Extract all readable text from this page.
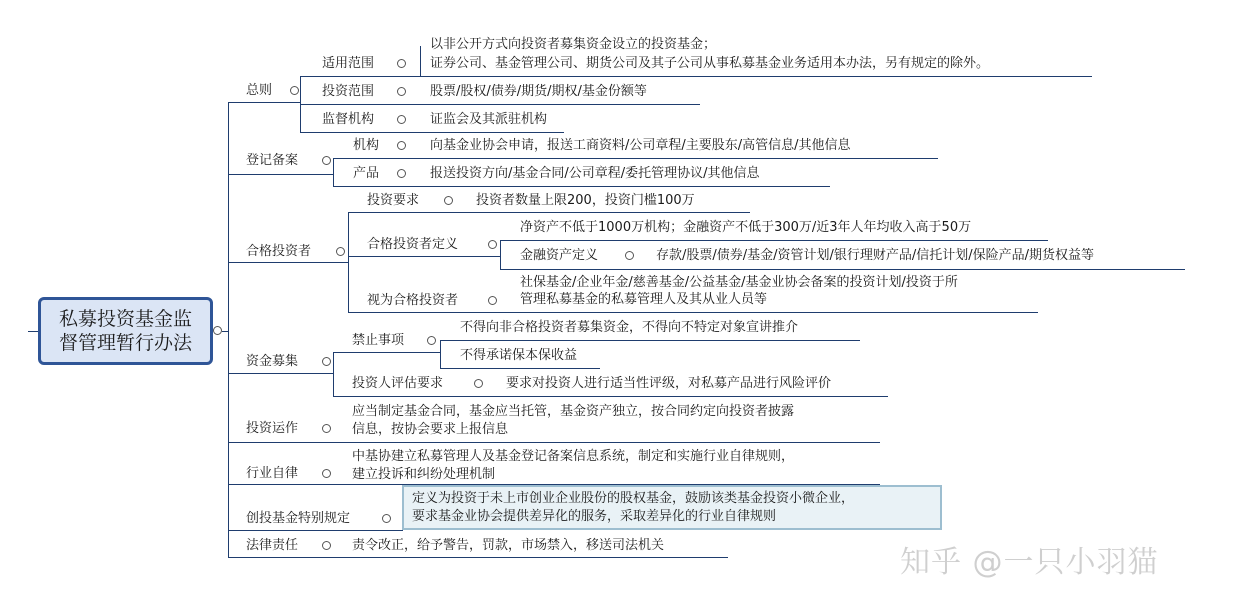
私募投资基金监
督管理暂行办法
总则
适用范围
以非公开方式向投资者募集资金设立的投资基金；
证券公司、基金管理公司、期货公司及其子公司从事私募基金业务适用本办法，另有规定的除外。
投资范围	股票/股权/债券/期货/期权/基金份额等
监督机构	证监会及其派驻机构
登记备案
机构	向基金业协会申请，报送工商资料/公司章程/主要股东/高管信息/其他信息
产品	报送投资方向/基金合同/公司章程/委托管理协议/其他信息
合格投资者
投资要求	投资者数量上限200，投资门槛100万
合格投资者定义
净资产不低于1000万机构；金融资产不低于300万/近3年人年均收入高于50万
金融资产定义	存款/股票/债券/基金/资管计划/银行理财产品/信托计划/保险产品/期货权益等
视为合格投资者
社保基金/企业年金/慈善基金/公益基金/基金业协会备案的投资计划/投资于所
管理私募基金的私募管理人及其从业人员等
资金募集
禁止事项
不得向非合格投资者募集资金，不得向不特定对象宣讲推介
不得承诺保本保收益
投资人评估要求	要求对投资人进行适当性评级，对私募产品进行风险评价
投资运作
应当制定基金合同，基金应当托管，基金资产独立，按合同约定向投资者披露
信息，按协会要求上报信息
行业自律
中基协建立私募管理人及基金登记备案信息系统，制定和实施行业自律规则，
建立投诉和纠纷处理机制
创投基金特别规定
定义为投资于未上市创业企业股份的股权基金，鼓励该类基金投资小微企业，
要求基金业协会提供差异化的服务，采取差异化的行业自律规则
法律责任	责令改正，给予警告，罚款，市场禁入，移送司法机关	知乎 @一只小羽猫
